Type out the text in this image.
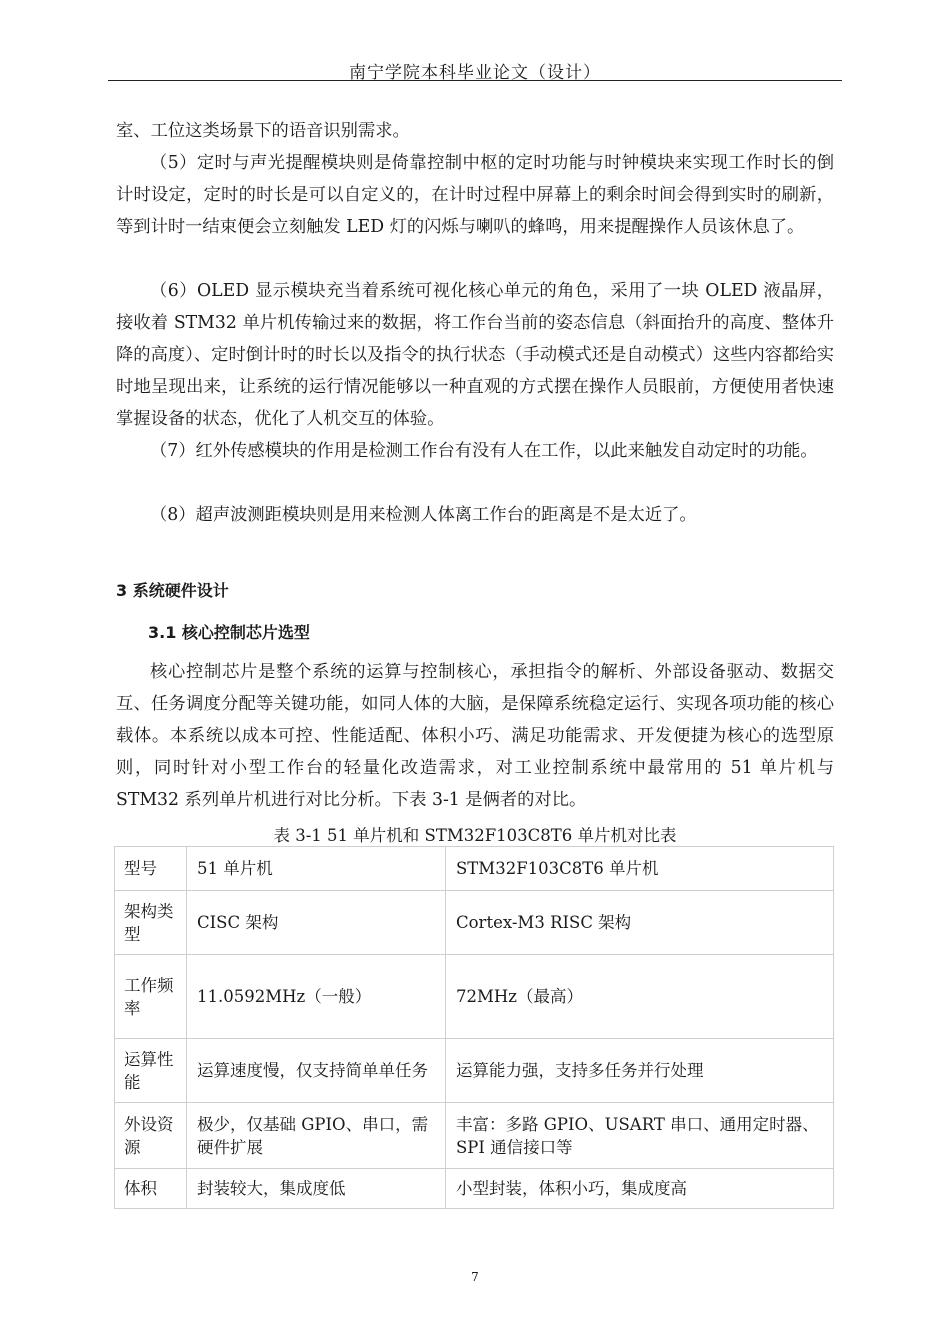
南宁学院本科毕业论文（设计）

室、工位这类场景下的语音识别需求。

（5）定时与声光提醒模块则是倚靠控制中枢的定时功能与时钟模块来实现工作时长的倒计时设定，定时的时长是可以自定义的，在计时过程中屏幕上的剩余时间会得到实时的刷新，等到计时一结束便会立刻触发 LED 灯的闪烁与喇叭的蜂鸣，用来提醒操作人员该休息了。

（6）OLED 显示模块充当着系统可视化核心单元的角色，采用了一块 OLED 液晶屏，接收着 STM32 单片机传输过来的数据，将工作台当前的姿态信息（斜面抬升的高度、整体升降的高度）、定时倒计时的时长以及指令的执行状态（手动模式还是自动模式）这些内容都给实时地呈现出来，让系统的运行情况能够以一种直观的方式摆在操作人员眼前，方便使用者快速掌握设备的状态，优化了人机交互的体验。

（7）红外传感模块的作用是检测工作台有没有人在工作，以此来触发自动定时的功能。

（8）超声波测距模块则是用来检测人体离工作台的距离是不是太近了。

3 系统硬件设计
3.1 核心控制芯片选型

核心控制芯片是整个系统的运算与控制核心，承担指令的解析、外部设备驱动、数据交互、任务调度分配等关键功能，如同人体的大脑，是保障系统稳定运行、实现各项功能的核心载体。本系统以成本可控、性能适配、体积小巧、满足功能需求、开发便捷为核心的选型原则，同时针对小型工作台的轻量化改造需求，对工业控制系统中最常用的 51 单片机与 STM32 系列单片机进行对比分析。下表 3-1 是俩者的对比。

表 3-1 51 单片机和 STM32F103C8T6 单片机对比表
型号	51 单片机	STM32F103C8T6 单片机
架构类型	CISC 架构	Cortex-M3 RISC 架构
工作频率	11.0592MHz（一般）	72MHz（最高）
运算性能	运算速度慢，仅支持简单单任务	运算能力强，支持多任务并行处理
外设资源	极少，仅基础 GPIO、串口，需硬件扩展	丰富：多路 GPIO、USART 串口、通用定时器、SPI 通信接口等
体积	封装较大，集成度低	小型封装，体积小巧，集成度高
7
